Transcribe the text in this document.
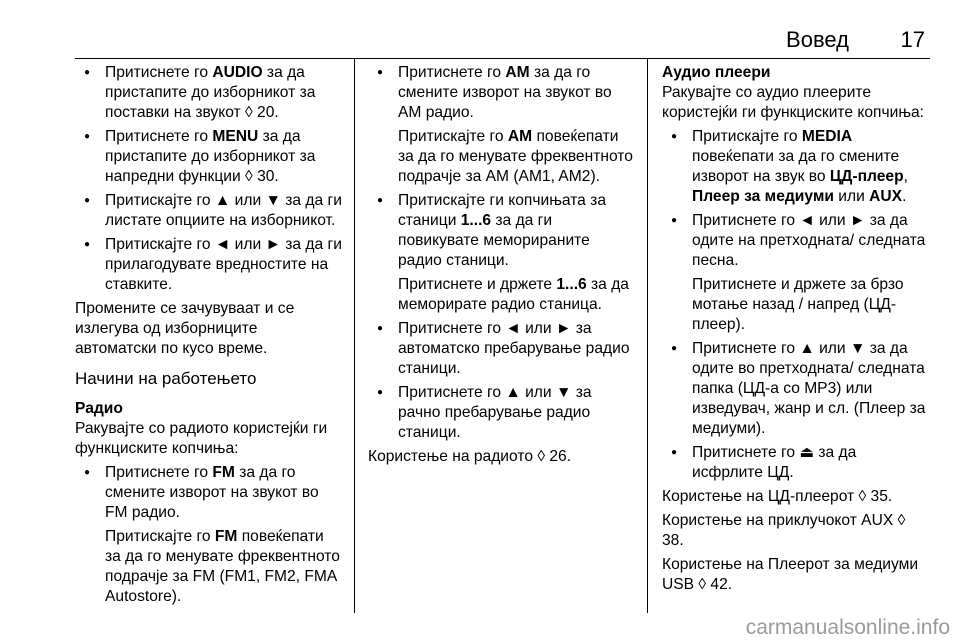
Вовед 17
● Притиснете го AUDIO за да пристапите до изборникот за поставки на звукот ◊ 20.
● Притиснете го MENU за да пристапите до изборникот за напредни функции ◊ 30.
● Притискајте го ▲ или ▼ за да ги листате опциите на изборникот.
● Притискајте го ◄ или ► за да ги прилагодувате вредностите на ставките.

Промените се зачувуваат и се излегува од изборниците автоматски по кусо време.

Начини на работењето
Радио

Ракувајте со радиото користејќи ги функциските копчиња:

● Притиснете го FM за да го смените изворот на звукот во FM радио.
Притискајте го FM повеќепати за да го менувате фреквентното подрачје за FM (FM1, FM2, FMA Autostore).
● Притиснете го AM за да го смените изворот на звукот во AM радио.
Притискајте го AM повеќепати за да го менувате фреквентното подрачје за AM (AM1, AM2).
● Притискајте ги копчињата за станици 1...6 за да ги повикувате меморираните радио станици.
Притиснете и држете 1...6 за да меморирате радио станица.
● Притиснете го ◄ или ► за автоматско пребарување радио станици.
● Притиснете го ▲ или ▼ за рачно пребарување радио станици.

Користење на радиото ◊ 26.

Аудио плеери

Ракувајте со аудио плеерите користејќи ги функциските копчиња:

● Притискајте го MEDIA повеќепати за да го смените изворот на звук во ЦД-плеер, Плеер за медиуми или AUX.
● Притиснете го ◄ или ► за да одите на претходната/ следната песна.
Притиснете и држете за брзо мотање назад / напред (ЦД-плеер).
● Притиснете го ▲ или ▼ за да одите во претходната/ следната папка (ЦД-а со MP3) или изведувач, жанр и сл. (Плеер за медиуми).
● Притиснете го ⏏ за да исфрлите ЦД.

Користење на ЦД-плеерот ◊ 35.

Користење на приклучокот AUX ◊ 38.

Користење на Плеерот за медиуми USB ◊ 42.

carmanualsonline.info
